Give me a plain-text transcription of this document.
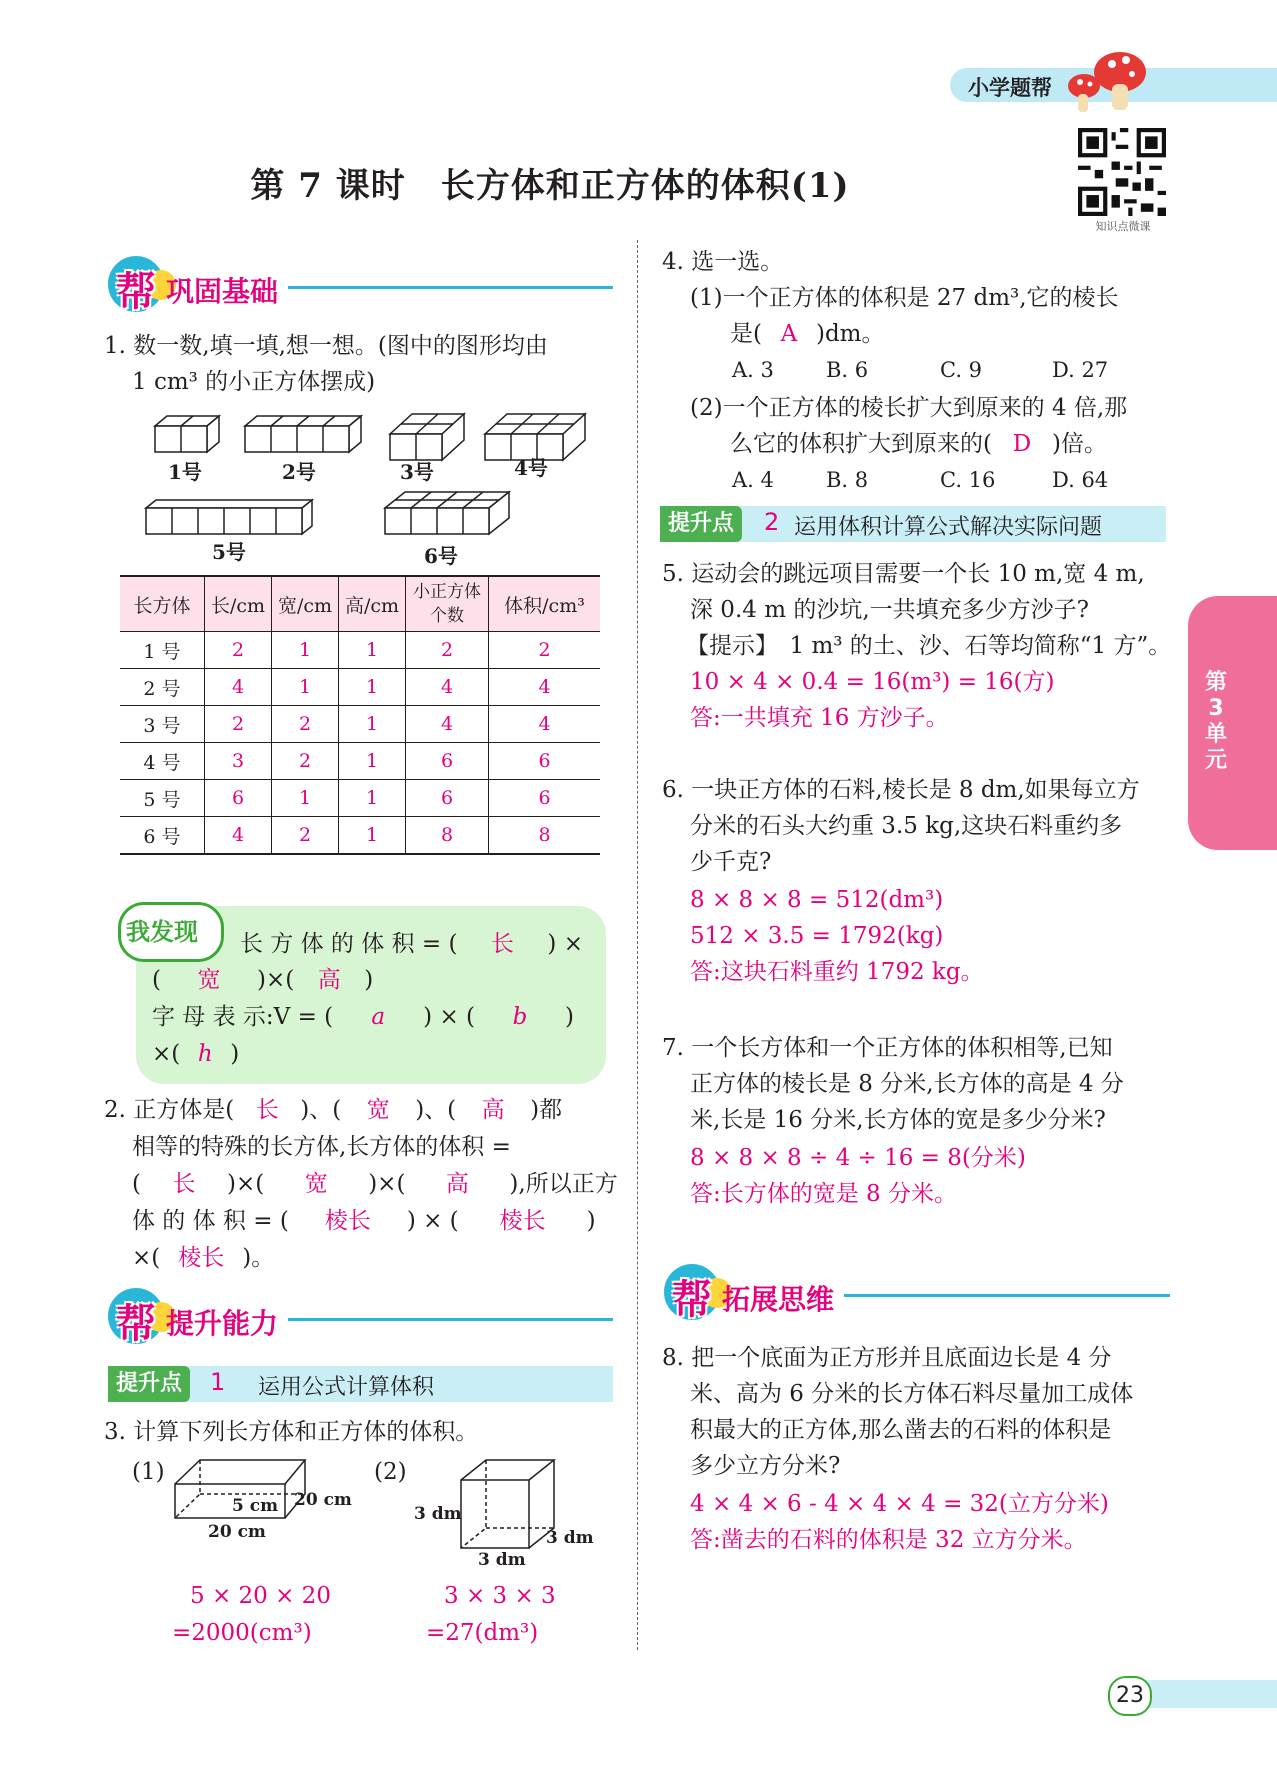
小学题帮
第 7 课时　长方体和正方体的体积(1)
知识点微课
帮 巩固基础
1. 数一数,填一填,想一想。(图中的图形均由
1 cm³ 的小正方体摆成)
1号	2号	3号	4号
5号	6号
长方体	长/cm	宽/cm	高/cm	小正方体个数	体积/cm³
1 号	2	1	1	2	2
2 号	4	1	1	4	4
3 号	2	2	1	4	4
4 号	3	2	1	6	6
5 号	6	1	1	6	6
6 号	4	2	1	8	8
我发现 长 方 体 的 体 积 = ( 长 ) ×
( 宽 )×( 高 )
字 母 表 示:V = ( a ) × ( b )
×( h )
2. 正方体是( 长 )、( 宽 )、( 高 )都
相等的特殊的长方体,长方体的体积 =
( 长 )×( 宽 )×( 高 ),所以正方
体 的 体 积 = ( 棱长 ) × ( 棱长 )
×( 棱长 )。
帮 提升能力
提升点	1 运用公式计算体积
3. 计算下列长方体和正方体的体积。
(1)	(2)
5 cm 20 cm
20 cm
3 dm
3 dm
3 dm
5 × 20 × 20
=2000(cm³)
3 × 3 × 3
=27(dm³)
4. 选一选。
(1)一个正方体的体积是 27 dm³,它的棱长
是( A )dm。
A. 3 B. 6	C. 9	D. 27
(2)一个正方体的棱长扩大到原来的 4 倍,那
么它的体积扩大到原来的( D )倍。
A. 4 B. 8	C. 16	D. 64
提升点	2 运用体积计算公式解决实际问题
5. 运动会的跳远项目需要一个长 10 m,宽 4 m,
深 0.4 m 的沙坑,一共填充多少方沙子?
【提示】　1 m³ 的土、沙、石等均简称“1 方”。
10 × 4 × 0.4 = 16(m³) = 16(方)
答:一共填充 16 方沙子。
6. 一块正方体的石料,棱长是 8 dm,如果每立方
分米的石头大约重 3.5 kg,这块石料重约多
少千克?
8 × 8 × 8 = 512(dm³)
512 × 3.5 = 1792(kg)
答:这块石料重约 1792 kg。
7. 一个长方体和一个正方体的体积相等,已知
正方体的棱长是 8 分米,长方体的高是 4 分
米,长是 16 分米,长方体的宽是多少分米?
8 × 8 × 8 ÷ 4 ÷ 16 = 8(分米)
答:长方体的宽是 8 分米。
帮 拓展思维
8. 把一个底面为正方形并且底面边长是 4 分
米、高为 6 分米的长方体石料尽量加工成体
积最大的正方体,那么凿去的石料的体积是
多少立方分米?
4 × 4 × 6 - 4 × 4 × 4 = 32(立方分米)
答:凿去的石料的体积是 32 立方分米。
第
3
单
元
23
